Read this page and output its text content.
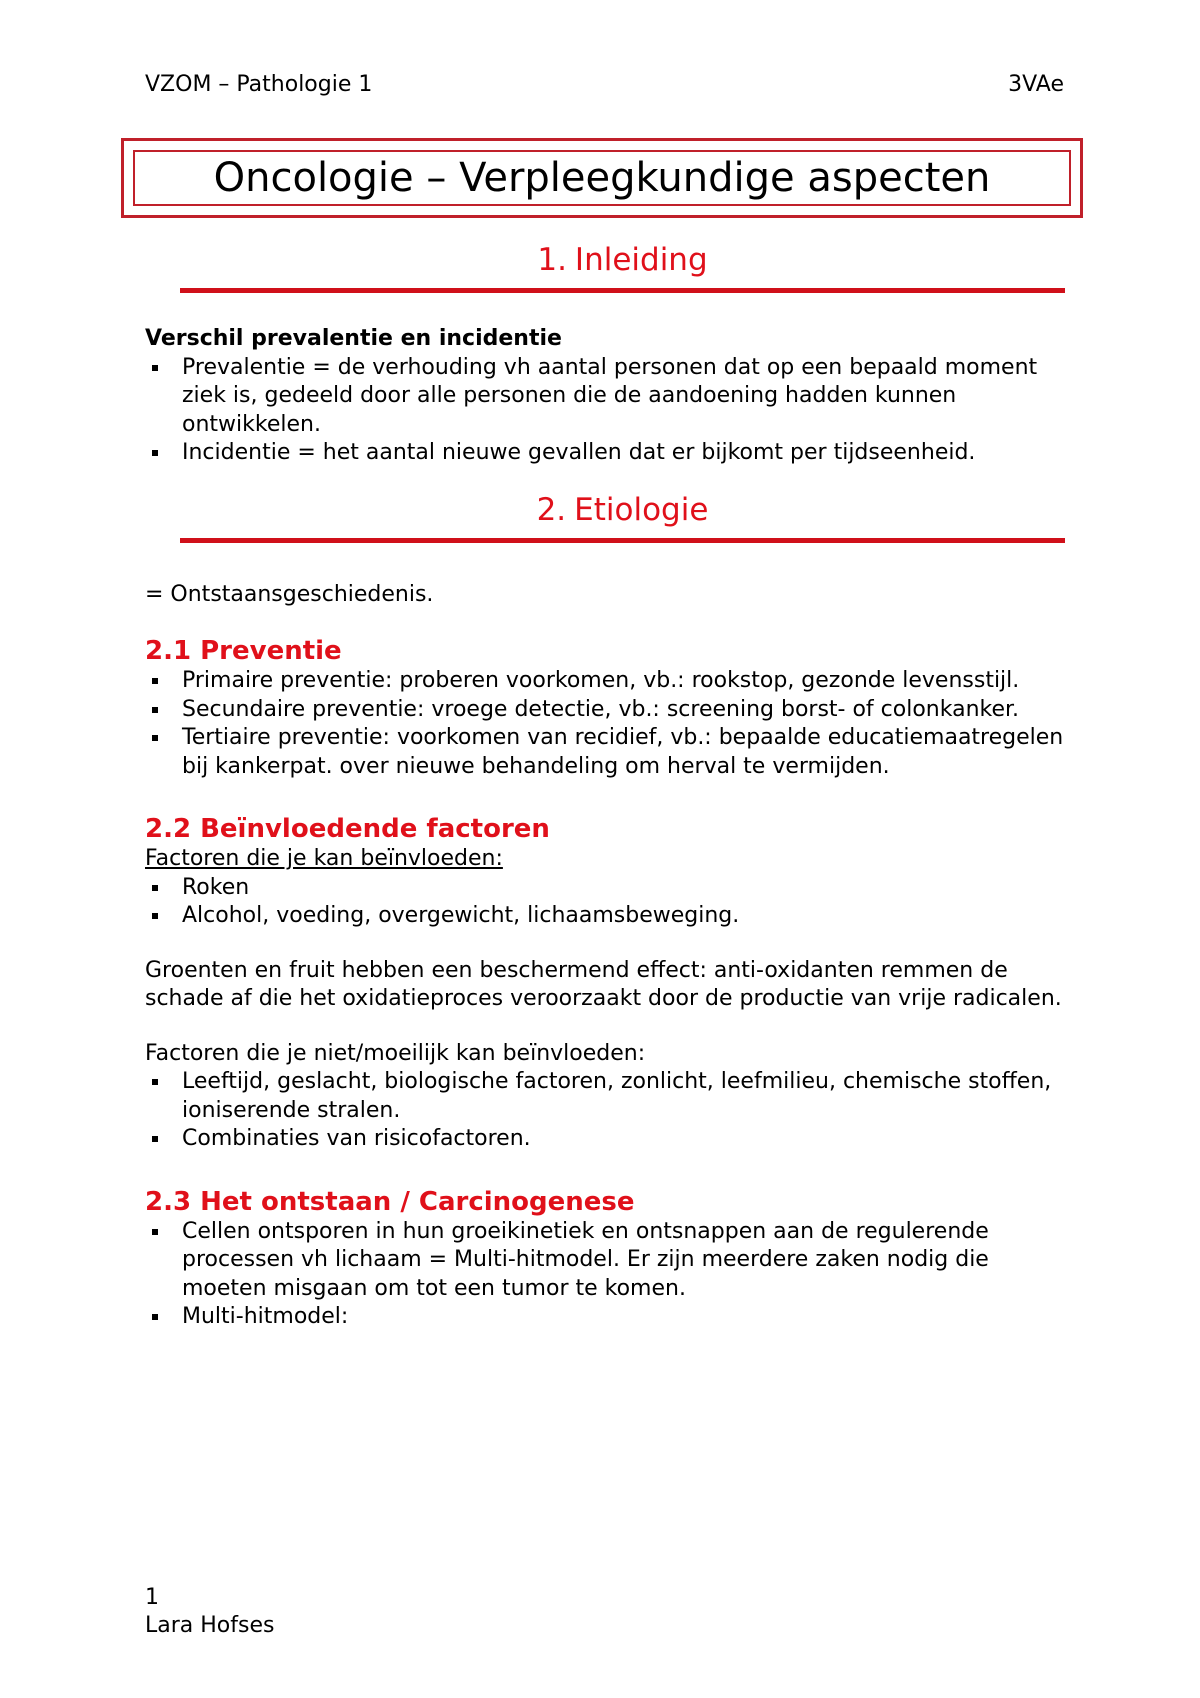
VZOM – Pathologie 1	3VAe
Oncologie – Verpleegkundige aspecten
1. Inleiding

Verschil prevalentie en incidentie

Prevalentie = de verhouding vh aantal personen dat op een bepaald moment ziek is, gedeeld door alle personen die de aandoening hadden kunnen ontwikkelen.
Incidentie = het aantal nieuwe gevallen dat er bijkomt per tijdseenheid.
2. Etiologie

= Ontstaansgeschiedenis.

2.1 Preventie
Primaire preventie: proberen voorkomen, vb.: rookstop, gezonde levensstijl.
Secundaire preventie: vroege detectie, vb.: screening borst- of colonkanker.
Tertiaire preventie: voorkomen van recidief, vb.: bepaalde educatiemaatregelen bij kankerpat. over nieuwe behandeling om herval te vermijden.
2.2 Beïnvloedende factoren

Factoren die je kan beïnvloeden:

Roken
Alcohol, voeding, overgewicht, lichaamsbeweging.

Groenten en fruit hebben een beschermend effect: anti-oxidanten remmen de schade af die het oxidatieproces veroorzaakt door de productie van vrije radicalen.

Factoren die je niet/moeilijk kan beïnvloeden:

Leeftijd, geslacht, biologische factoren, zonlicht, leefmilieu, chemische stoffen, ioniserende stralen.
Combinaties van risicofactoren.
2.3 Het ontstaan / Carcinogenese
Cellen ontsporen in hun groeikinetiek en ontsnappen aan de regulerende processen vh lichaam = Multi-hitmodel. Er zijn meerdere zaken nodig die moeten misgaan om tot een tumor te komen.
Multi-hitmodel:
1
Lara Hofses
